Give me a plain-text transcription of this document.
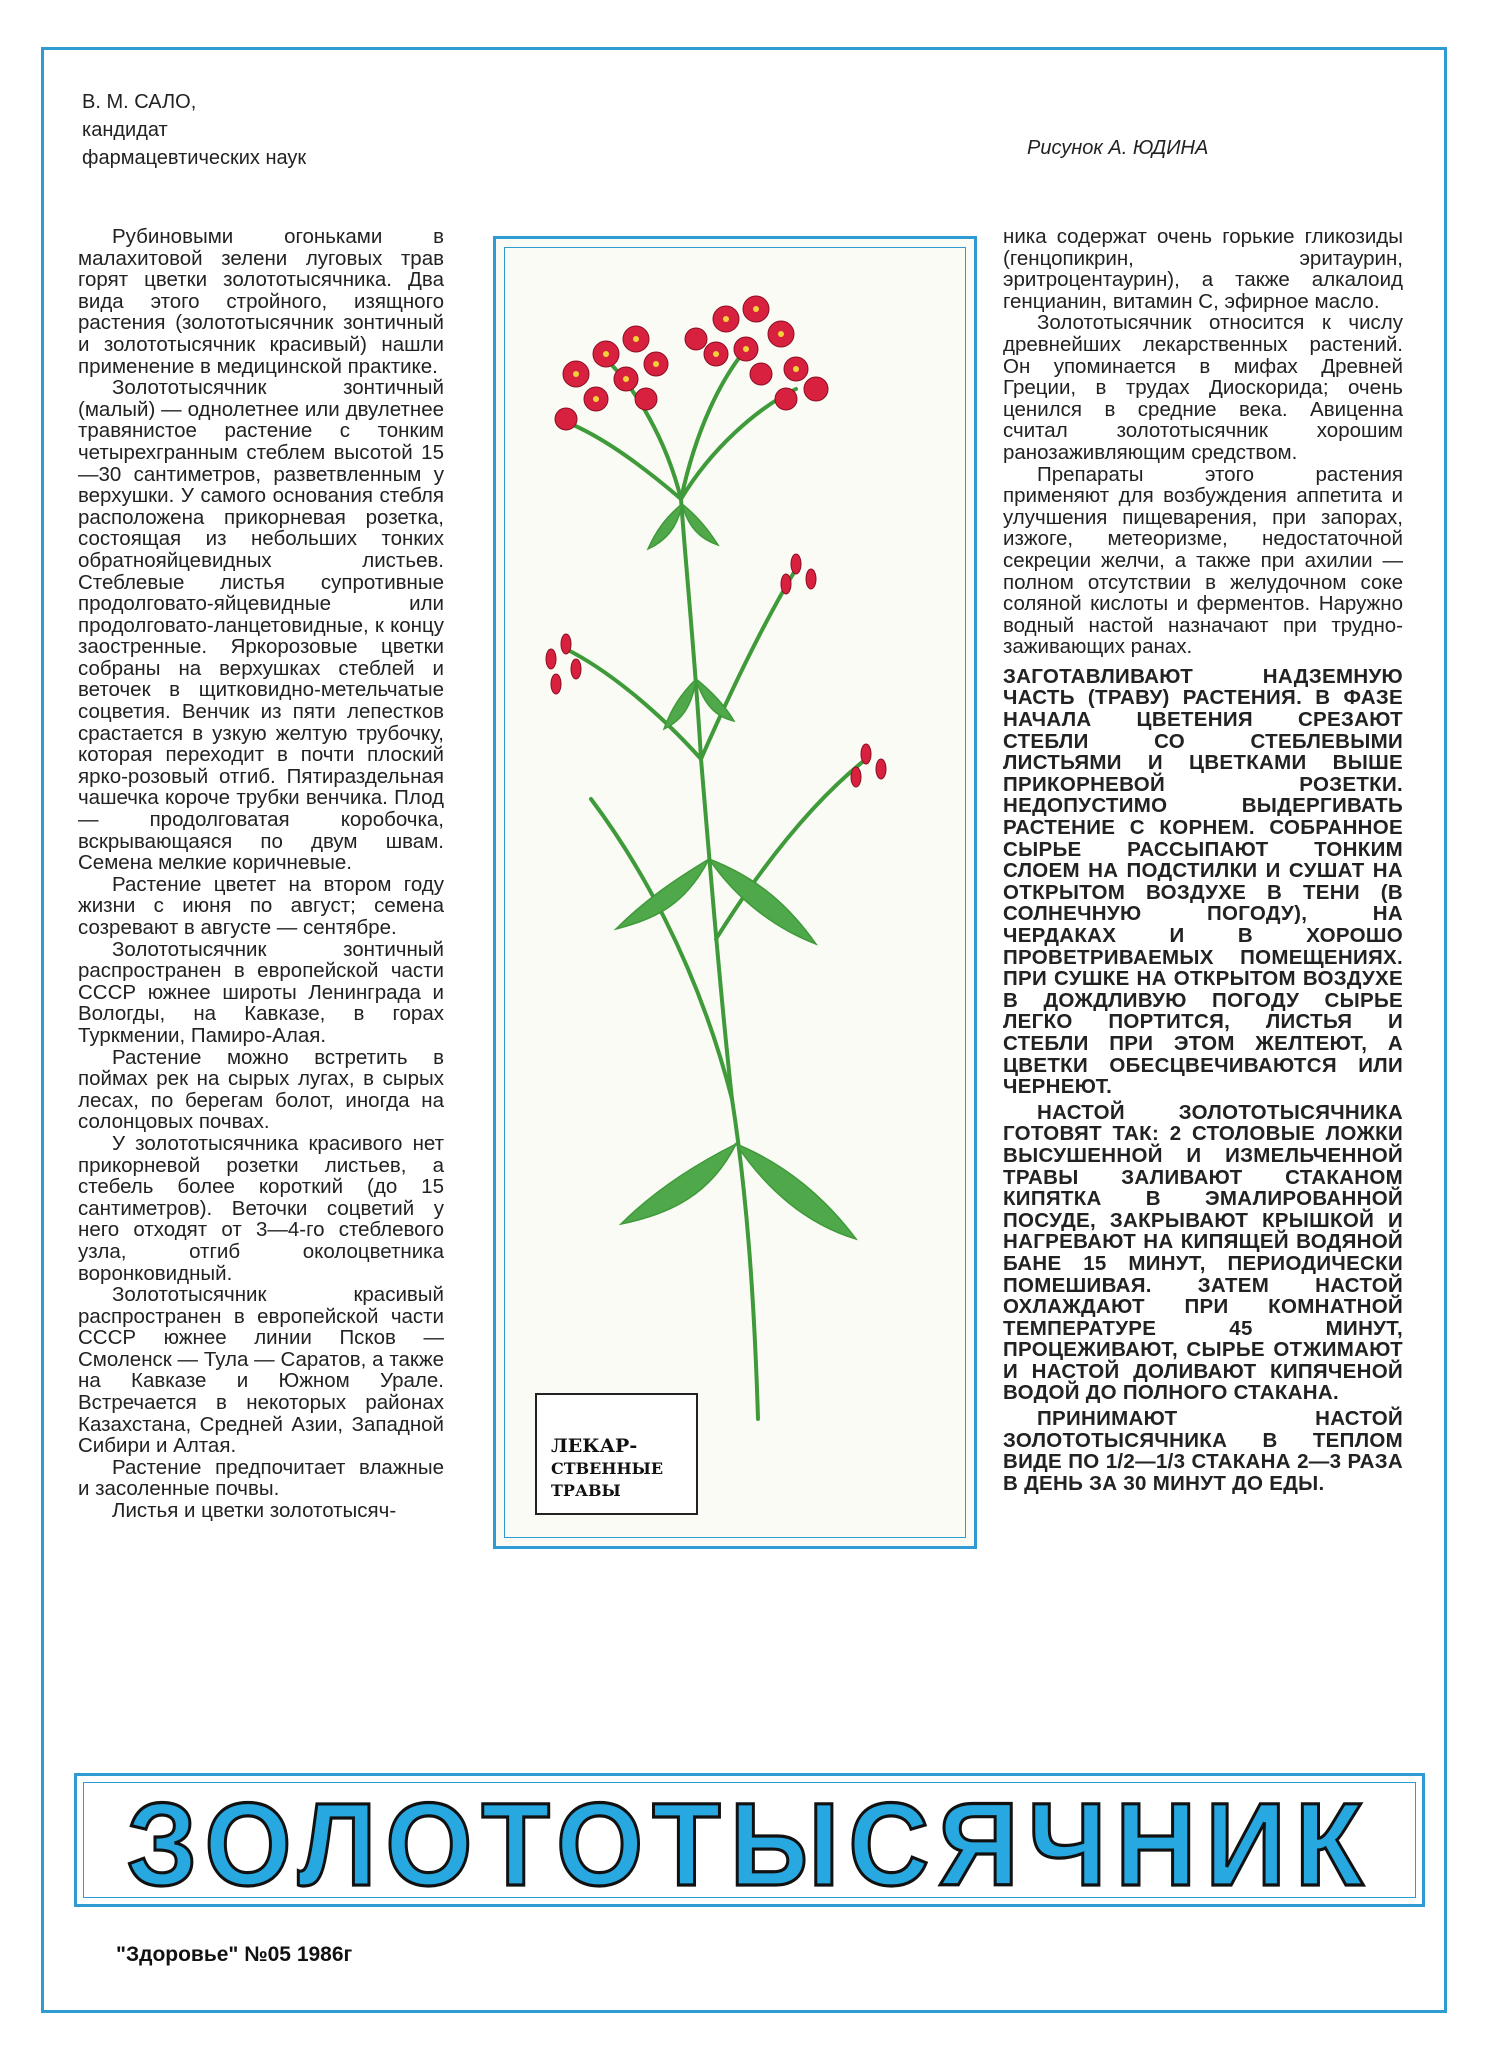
В. М. САЛО,
кандидат
фармацевтических наук	Рисунок А. ЮДИНА

Рубиновыми огоньками в малахитовой зелени луговых трав горят цветки золототысячника. Два вида этого стройного, изящного растения (золототысячник зонтичный и золототысячник красивый) нашли применение в медицинской практике.

Золототысячник зонтичный (малый) — однолетнее или двулетнее травянистое растение с тонким четырехгранным стеблем высотой 15—30 сантиметров, разветвленным у верхушки. У самого основания стебля расположена прикорневая розетка, состоящая из небольших тонких обратнояйцевидных листьев. Стеблевые листья супротивные продолговато-яйцевидные или продолговато-ланцетовидные, к концу заостренные. Яркорозовые цветки собраны на верхушках стеблей и веточек в щитковидно-метельчатые соцветия. Венчик из пяти лепестков срастается в узкую желтую трубочку, которая переходит в почти плоский ярко-розовый отгиб. Пятираздельная чашечка короче трубки венчика. Плод — продолговатая коробочка, вскрывающаяся по двум швам. Семена мелкие коричневые.

Растение цветет на втором году жизни с июня по август; семена созревают в августе — сентябре.

Золототысячник зонтичный распространен в европейской части СССР южнее широты Ленинграда и Вологды, на Кавказе, в горах Туркмении, Памиро-Алая.

Растение можно встретить в поймах рек на сырых лугах, в сырых лесах, по берегам болот, иногда на солонцовых почвах.

У золототысячника красивого нет прикорневой розетки листьев, а стебель более короткий (до 15 сантиметров). Веточки соцветий у него отходят от 3—4-го стеблевого узла, отгиб околоцветника воронковидный.

Золототысячник красивый распространен в европейской части СССР южнее линии Псков — Смоленск — Тула — Саратов, а также на Кавказе и Южном Урале. Встречается в некоторых районах Казахстана, Средней Азии, Западной Сибири и Алтая.

Растение предпочитает влажные и засоленные почвы.

Листья и цветки золототысяч-

ЛЕКАР-
СТВЕННЫЕ
ТРАВЫ

ника содержат очень горькие гликозиды (генцопикрин, эритаурин, эритроцентаурин), а также алкалоид генцианин, витамин С, эфирное масло.

Золототысячник относится к числу древнейших лекарственных растений. Он упоминается в мифах Древней Греции, в трудах Диоскорида; очень ценился в средние века. Авиценна считал золототысячник хорошим ранозаживляющим средством.

Препараты этого растения применяют для возбуждения аппетита и улучшения пищеварения, при запорах, изжоге, метеоризме, недостаточной секреции желчи, а также при ахилии — полном отсутствии в желудочном соке соляной кислоты и ферментов. Наружно водный настой назначают при трудно-заживающих ранах.

ЗАГОТАВЛИВАЮТ НАДЗЕМНУЮ ЧАСТЬ (ТРАВУ) РАСТЕНИЯ. В ФАЗЕ НАЧАЛА ЦВЕТЕНИЯ СРЕЗАЮТ СТЕБЛИ СО СТЕБЛЕВЫМИ ЛИСТЬЯМИ И ЦВЕТКАМИ ВЫШЕ ПРИКОРНЕВОЙ РОЗЕТКИ. НЕДОПУСТИМО ВЫДЕРГИВАТЬ РАСТЕНИЕ С КОРНЕМ. СОБРАННОЕ СЫРЬЕ РАССЫПАЮТ ТОНКИМ СЛОЕМ НА ПОДСТИЛКИ И СУШАТ НА ОТКРЫТОМ ВОЗДУХЕ В ТЕНИ (В СОЛНЕЧНУЮ ПОГОДУ), НА ЧЕРДАКАХ И В ХОРОШО ПРОВЕТРИВАЕМЫХ ПОМЕЩЕНИЯХ. ПРИ СУШКЕ НА ОТКРЫТОМ ВОЗДУХЕ В ДОЖДЛИВУЮ ПОГОДУ СЫРЬЕ ЛЕГКО ПОРТИТСЯ, ЛИСТЬЯ И СТЕБЛИ ПРИ ЭТОМ ЖЕЛТЕЮТ, А ЦВЕТКИ ОБЕСЦВЕЧИВАЮТСЯ ИЛИ ЧЕРНЕЮТ.

НАСТОЙ ЗОЛОТОТЫСЯЧНИКА ГОТОВЯТ ТАК: 2 СТОЛОВЫЕ ЛОЖКИ ВЫСУШЕННОЙ И ИЗМЕЛЬЧЕННОЙ ТРАВЫ ЗАЛИВАЮТ СТАКАНОМ КИПЯТКА В ЭМАЛИРОВАННОЙ ПОСУДЕ, ЗАКРЫВАЮТ КРЫШКОЙ И НАГРЕВАЮТ НА КИПЯЩЕЙ ВОДЯНОЙ БАНЕ 15 МИНУТ, ПЕРИОДИЧЕСКИ ПОМЕШИВАЯ. ЗАТЕМ НАСТОЙ ОХЛАЖДАЮТ ПРИ КОМНАТНОЙ ТЕМПЕРАТУРЕ 45 МИНУТ, ПРОЦЕЖИВАЮТ, СЫРЬЕ ОТЖИМАЮТ И НАСТОЙ ДОЛИВАЮТ КИПЯЧЕНОЙ ВОДОЙ ДО ПОЛНОГО СТАКАНА.

ПРИНИМАЮТ НАСТОЙ ЗОЛОТОТЫСЯЧНИКА В ТЕПЛОМ ВИДЕ ПО 1/2—1/3 СТАКАНА 2—3 РАЗА В ДЕНЬ ЗА 30 МИНУТ ДО ЕДЫ.

ЗОЛОТОТЫСЯЧНИК
"Здоровье" №05 1986г
